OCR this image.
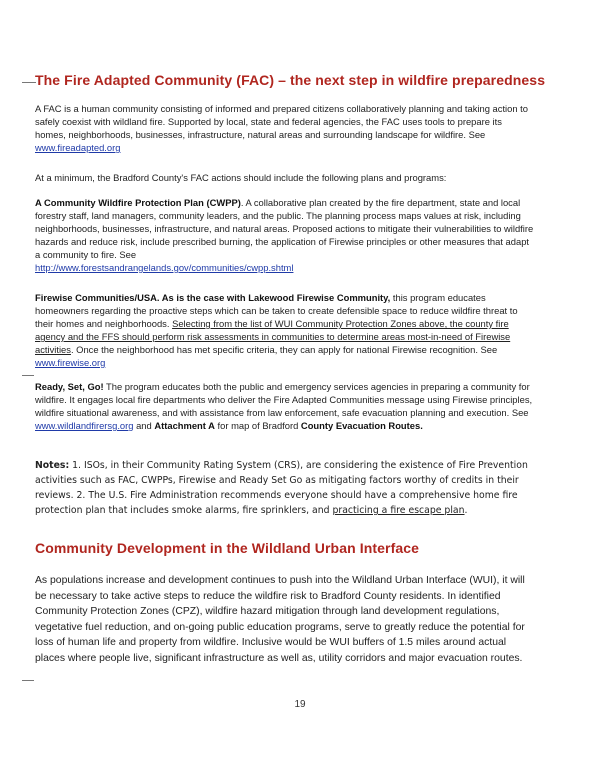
The Fire Adapted Community (FAC) – the next step in wildfire preparedness
A FAC is a human community consisting of informed and prepared citizens collaboratively planning and taking action to safely coexist with wildland fire. Supported by local, state and federal agencies, the FAC uses tools to prepare its homes, neighborhoods, businesses, infrastructure, natural areas and surrounding landscape for wildfire. See www.fireadapted.org
At a minimum, the Bradford County's FAC actions should include the following plans and programs:
A Community Wildfire Protection Plan (CWPP). A collaborative plan created by the fire department, state and local forestry staff, land managers, community leaders, and the public. The planning process maps values at risk, including neighborhoods, businesses, infrastructure, and natural areas. Proposed actions to mitigate their vulnerabilities to wildfire hazards and reduce risk, include prescribed burning, the application of Firewise principles or other measures that adapt a community to fire. See
http://www.forestsandrangelands.gov/communities/cwpp.shtml
Firewise Communities/USA. As is the case with Lakewood Firewise Community, this program educates homeowners regarding the proactive steps which can be taken to create defensible space to reduce wildfire threat to their homes and neighborhoods. Selecting from the list of WUI Community Protection Zones above, the county fire agency and the FFS should perform risk assessments in communities to determine areas most-in-need of Firewise activities. Once the neighborhood has met specific criteria, they can apply for national Firewise recognition. See www.firewise.org
Ready, Set, Go! The program educates both the public and emergency services agencies in preparing a community for wildfire. It engages local fire departments who deliver the Fire Adapted Communities message using Firewise principles, wildfire situational awareness, and with assistance from law enforcement, safe evacuation planning and execution. See www.wildlandfirersg.org and Attachment A for map of Bradford County Evacuation Routes.
Notes: 1. ISOs, in their Community Rating System (CRS), are considering the existence of Fire Prevention activities such as FAC, CWPPs, Firewise and Ready Set Go as mitigating factors worthy of credits in their reviews. 2. The U.S. Fire Administration recommends everyone should have a comprehensive home fire protection plan that includes smoke alarms, fire sprinklers, and practicing a fire escape plan.
Community Development in the Wildland Urban Interface
As populations increase and development continues to push into the Wildland Urban Interface (WUI), it will be necessary to take active steps to reduce the wildfire risk to Bradford County residents. In identified Community Protection Zones (CPZ), wildfire hazard mitigation through land development regulations, vegetative fuel reduction, and on-going public education programs, serve to greatly reduce the potential for loss of human life and property from wildfire. Inclusive would be WUI buffers of 1.5 miles around actual places where people live, significant infrastructure as well as, utility corridors and major evacuation routes.
19
